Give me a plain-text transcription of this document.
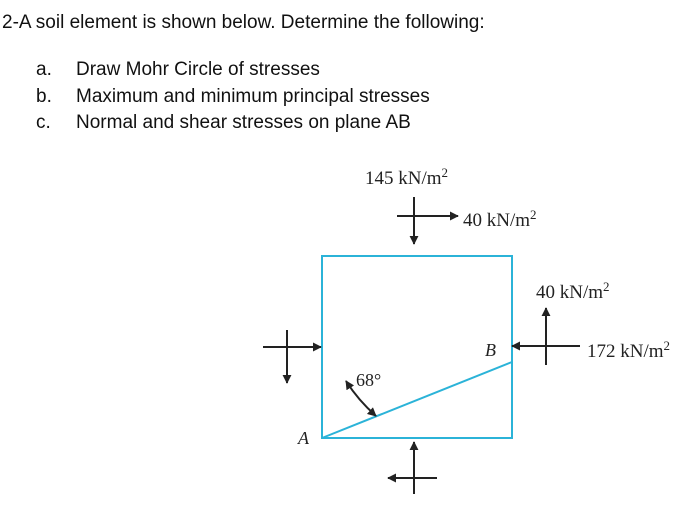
2-A soil element is shown below. Determine the following:
a. Draw Mohr Circle of stresses
b. Maximum and minimum principal stresses
c. Normal and shear stresses on plane AB
145 $kN/m^2$
40 $kN/m^2$
40 $kN/m^2$
172 $kN/m^2$
A
B
68°
